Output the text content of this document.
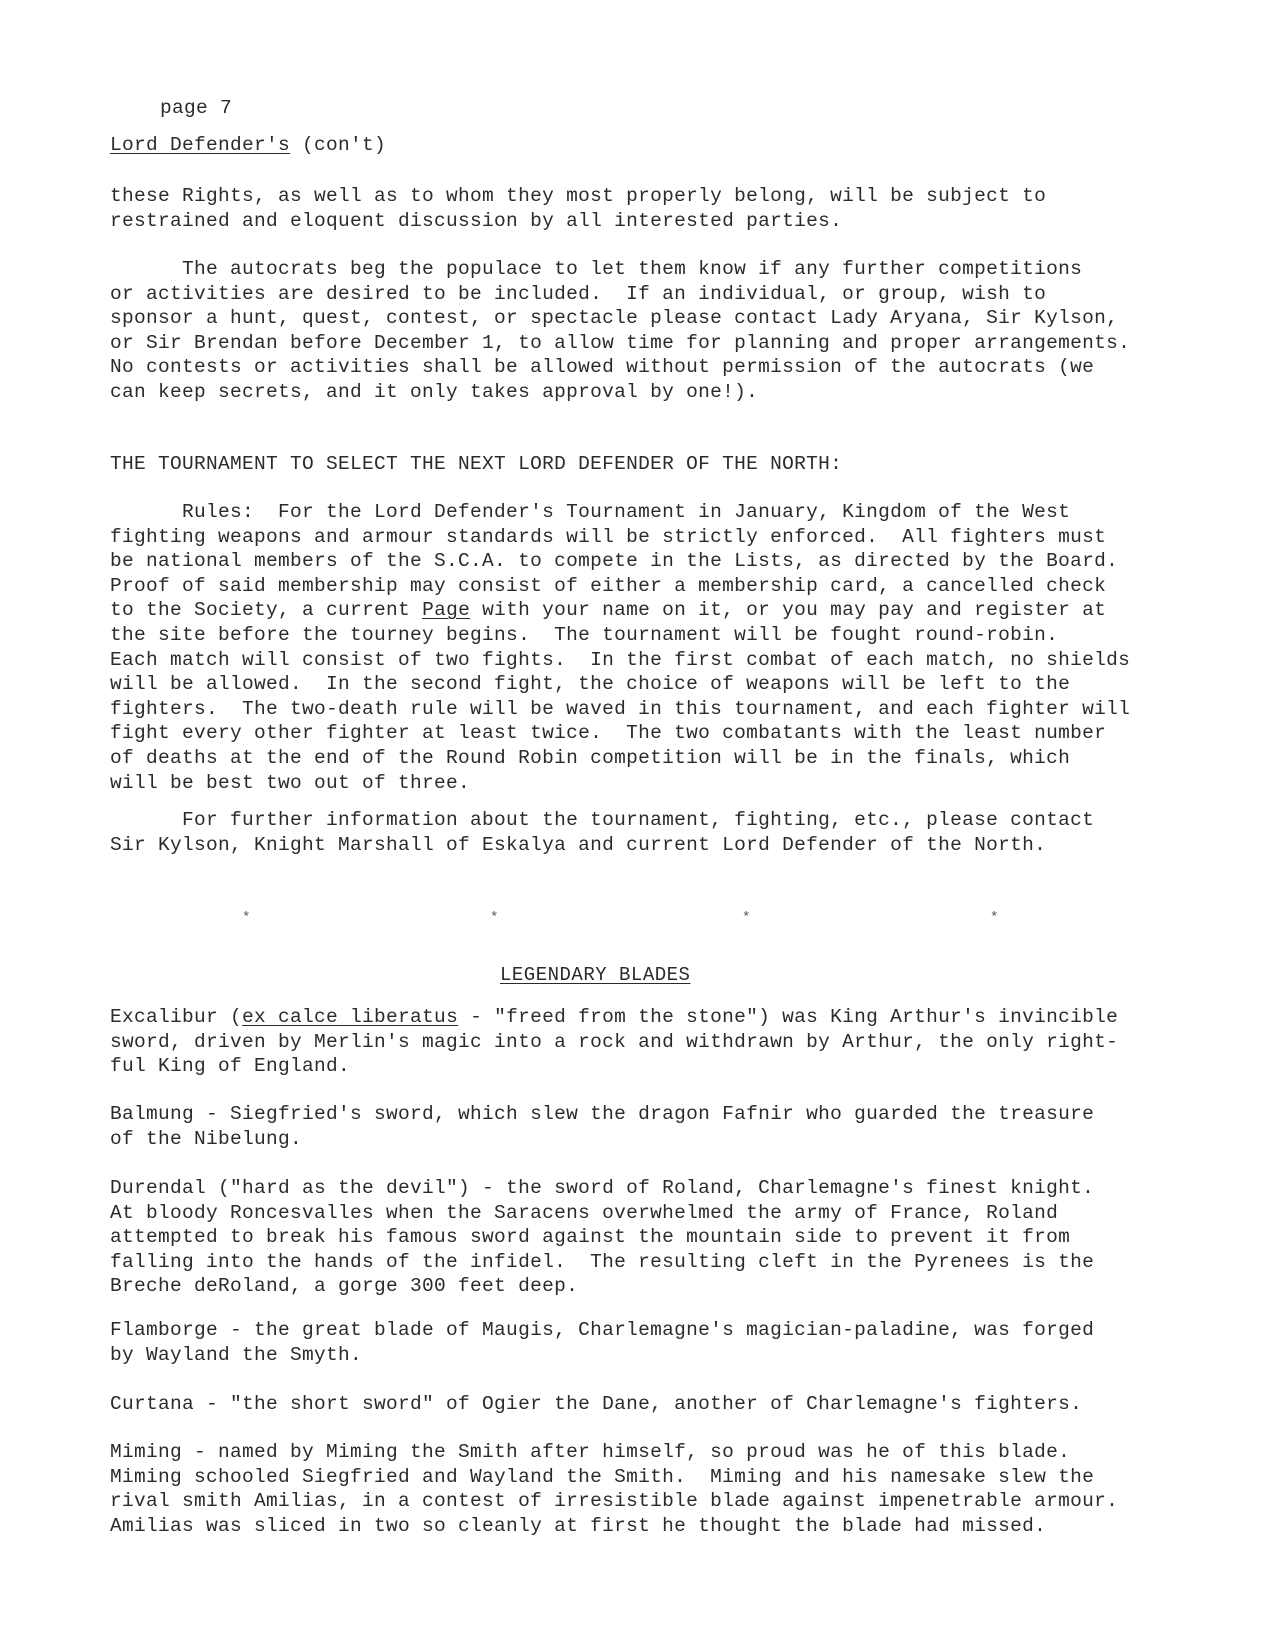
page 7
Lord Defender's (con't)
these Rights, as well as to whom they most properly belong, will be subject to
restrained and eloquent discussion by all interested parties.
The autocrats beg the populace to let them know if any further competitions
or activities are desired to be included.  If an individual, or group, wish to
sponsor a hunt, quest, contest, or spectacle please contact Lady Aryana, Sir Kylson,
or Sir Brendan before December 1, to allow time for planning and proper arrangements.
No contests or activities shall be allowed without permission of the autocrats (we
can keep secrets, and it only takes approval by one!).
THE TOURNAMENT TO SELECT THE NEXT LORD DEFENDER OF THE NORTH:
Rules:  For the Lord Defender's Tournament in January, Kingdom of the West
fighting weapons and armour standards will be strictly enforced.  All fighters must
be national members of the S.C.A. to compete in the Lists, as directed by the Board.
Proof of said membership may consist of either a membership card, a cancelled check
to the Society, a current Page with your name on it, or you may pay and register at
the site before the tourney begins.  The tournament will be fought round-robin.
Each match will consist of two fights.  In the first combat of each match, no shields
will be allowed.  In the second fight, the choice of weapons will be left to the
fighters.  The two-death rule will be waved in this tournament, and each fighter will
fight every other fighter at least twice.  The two combatants with the least number
of deaths at the end of the Round Robin competition will be in the finals, which
will be best two out of three.
For further information about the tournament, fighting, etc., please contact
Sir Kylson, Knight Marshall of Eskalya and current Lord Defender of the North.
*	*	*	*
LEGENDARY BLADES
Excalibur (ex calce liberatus - "freed from the stone") was King Arthur's invincible
sword, driven by Merlin's magic into a rock and withdrawn by Arthur, the only right-
ful King of England.
Balmung - Siegfried's sword, which slew the dragon Fafnir who guarded the treasure
of the Nibelung.
Durendal ("hard as the devil") - the sword of Roland, Charlemagne's finest knight.
At bloody Roncesvalles when the Saracens overwhelmed the army of France, Roland
attempted to break his famous sword against the mountain side to prevent it from
falling into the hands of the infidel.  The resulting cleft in the Pyrenees is the
Breche deRoland, a gorge 300 feet deep.
Flamborge - the great blade of Maugis, Charlemagne's magician-paladine, was forged
by Wayland the Smyth.
Curtana - "the short sword" of Ogier the Dane, another of Charlemagne's fighters.
Miming - named by Miming the Smith after himself, so proud was he of this blade.
Miming schooled Siegfried and Wayland the Smith.  Miming and his namesake slew the
rival smith Amilias, in a contest of irresistible blade against impenetrable armour.
Amilias was sliced in two so cleanly at first he thought the blade had missed.
